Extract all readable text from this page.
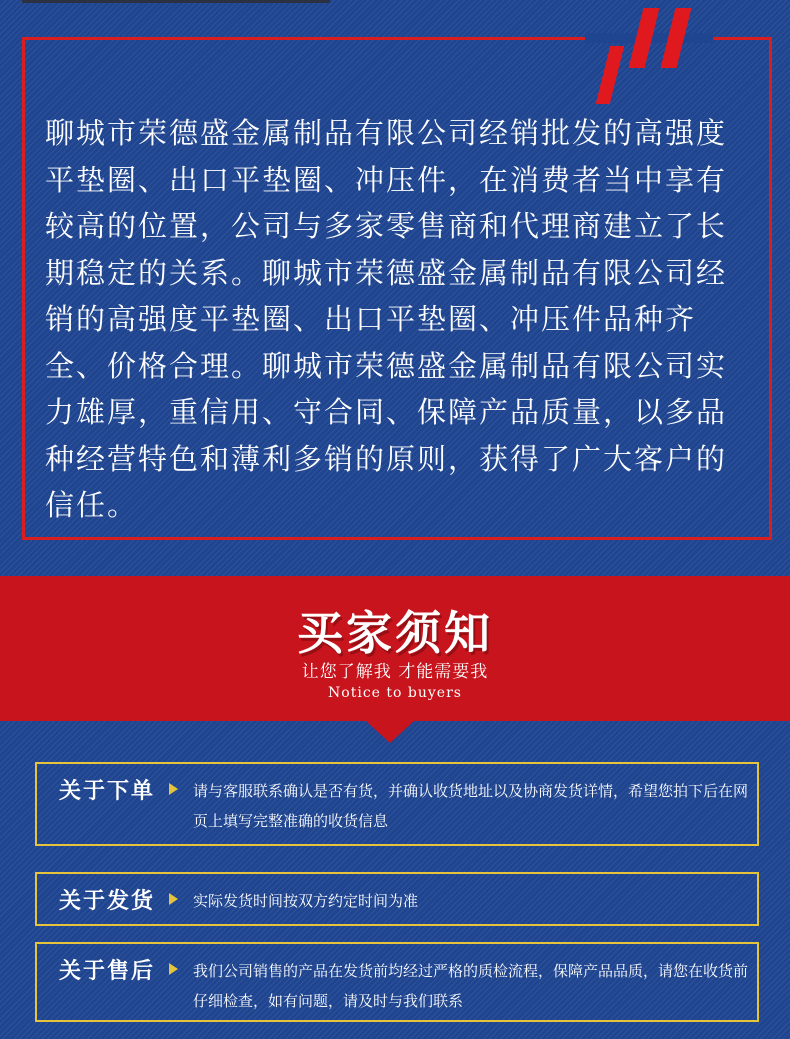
聊城市荣德盛金属制品有限公司经销批发的高强度平垫圈、出口平垫圈、冲压件，在消费者当中享有较高的位置，公司与多家零售商和代理商建立了长期稳定的关系。聊城市荣德盛金属制品有限公司经销的高强度平垫圈、出口平垫圈、冲压件品种齐全、价格合理。聊城市荣德盛金属制品有限公司实力雄厚，重信用、守合同、保障产品质量，以多品种经营特色和薄利多销的原则，获得了广大客户的信任。

买家须知
让您了解我 才能需要我
Notice to buyers
关于下单	请与客服联系确认是否有货，并确认收货地址以及协商发货详情，希望您拍下后在网页上填写完整准确的收货信息

关于发货	实际发货时间按双方约定时间为准

关于售后	我们公司销售的产品在发货前均经过严格的质检流程，保障产品品质，请您在收货前仔细检查，如有问题，请及时与我们联系
